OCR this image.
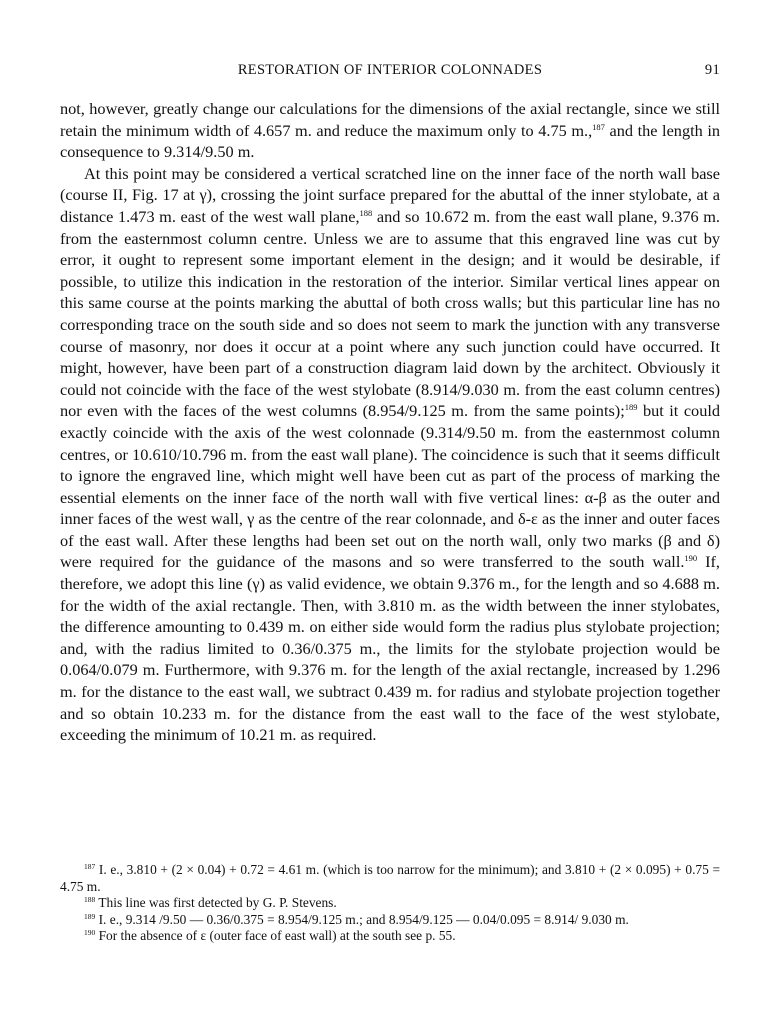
RESTORATION OF INTERIOR COLONNADES	91

not, however, greatly change our calculations for the dimensions of the axial rectangle, since we still retain the minimum width of 4.657 m. and reduce the maximum only to 4.75 m.,$^{187}$ and the length in consequence to 9.314/9.50 m.

At this point may be considered a vertical scratched line on the inner face of the north wall base (course II, Fig. 17 at γ), crossing the joint surface prepared for the abuttal of the inner stylobate, at a distance 1.473 m. east of the west wall plane,$^{188}$ and so 10.672 m. from the east wall plane, 9.376 m. from the easternmost column centre. Unless we are to assume that this engraved line was cut by error, it ought to represent some important element in the design; and it would be desirable, if possible, to utilize this indication in the restoration of the interior. Similar vertical lines appear on this same course at the points marking the abuttal of both cross walls; but this particular line has no corresponding trace on the south side and so does not seem to mark the junction with any transverse course of masonry, nor does it occur at a point where any such junction could have occurred. It might, however, have been part of a construction diagram laid down by the architect. Obviously it could not coincide with the face of the west stylobate (8.914/9.030 m. from the east column centres) nor even with the faces of the west columns (8.954/9.125 m. from the same points);$^{189}$ but it could exactly coincide with the axis of the west colonnade (9.314/9.50 m. from the easternmost column centres, or 10.610/10.796 m. from the east wall plane). The coincidence is such that it seems difficult to ignore the engraved line, which might well have been cut as part of the process of marking the essential elements on the inner face of the north wall with five vertical lines: α-β as the outer and inner faces of the west wall, γ as the centre of the rear colonnade, and δ-ε as the inner and outer faces of the east wall. After these lengths had been set out on the north wall, only two marks (β and δ) were required for the guidance of the masons and so were transferred to the south wall.$^{190}$ If, therefore, we adopt this line (γ) as valid evidence, we obtain 9.376 m., for the length and so 4.688 m. for the width of the axial rectangle. Then, with 3.810 m. as the width between the inner stylobates, the difference amounting to 0.439 m. on either side would form the radius plus stylobate projection; and, with the radius limited to 0.36/0.375 m., the limits for the stylobate projection would be 0.064/0.079 m. Furthermore, with 9.376 m. for the length of the axial rectangle, increased by 1.296 m. for the distance to the east wall, we subtract 0.439 m. for radius and stylobate projection together and so obtain 10.233 m. for the distance from the east wall to the face of the west stylobate, exceeding the minimum of 10.21 m. as required.

$^{187}$ I. e., 3.810 + (2 × 0.04) + 0.72 = 4.61 m. (which is too narrow for the minimum); and 3.810 + (2 × 0.095) + 0.75 = 4.75 m.

$^{188}$ This line was first detected by G. P. Stevens.

$^{189}$ I. e., 9.314 /9.50 — 0.36/0.375 = 8.954/9.125 m.; and 8.954/9.125 — 0.04/0.095 = 8.914/ 9.030 m.

$^{190}$ For the absence of ε (outer face of east wall) at the south see p. 55.
